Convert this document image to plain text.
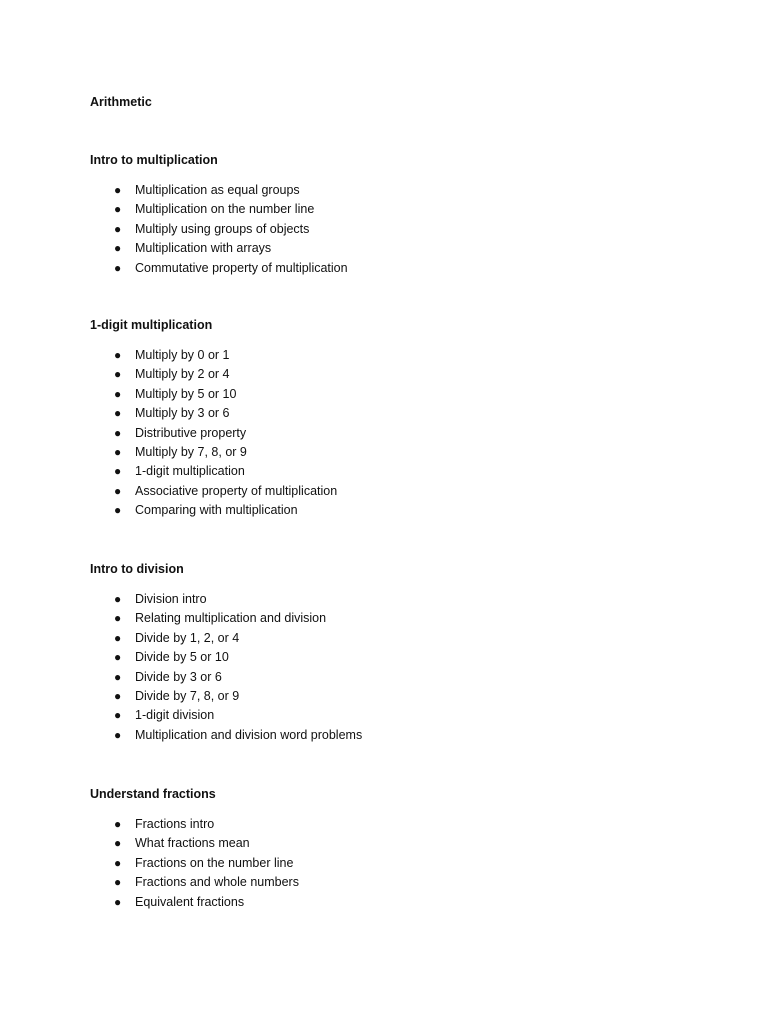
Arithmetic
Intro to multiplication
● Multiplication as equal groups
● Multiplication on the number line
● Multiply using groups of objects
● Multiplication with arrays
● Commutative property of multiplication
1-digit multiplication
● Multiply by 0 or 1
● Multiply by 2 or 4
● Multiply by 5 or 10
● Multiply by 3 or 6
● Distributive property
● Multiply by 7, 8, or 9
● 1-digit multiplication
● Associative property of multiplication
● Comparing with multiplication
Intro to division
● Division intro
● Relating multiplication and division
● Divide by 1, 2, or 4
● Divide by 5 or 10
● Divide by 3 or 6
● Divide by 7, 8, or 9
● 1-digit division
● Multiplication and division word problems
Understand fractions
● Fractions intro
● What fractions mean
● Fractions on the number line
● Fractions and whole numbers
● Equivalent fractions
